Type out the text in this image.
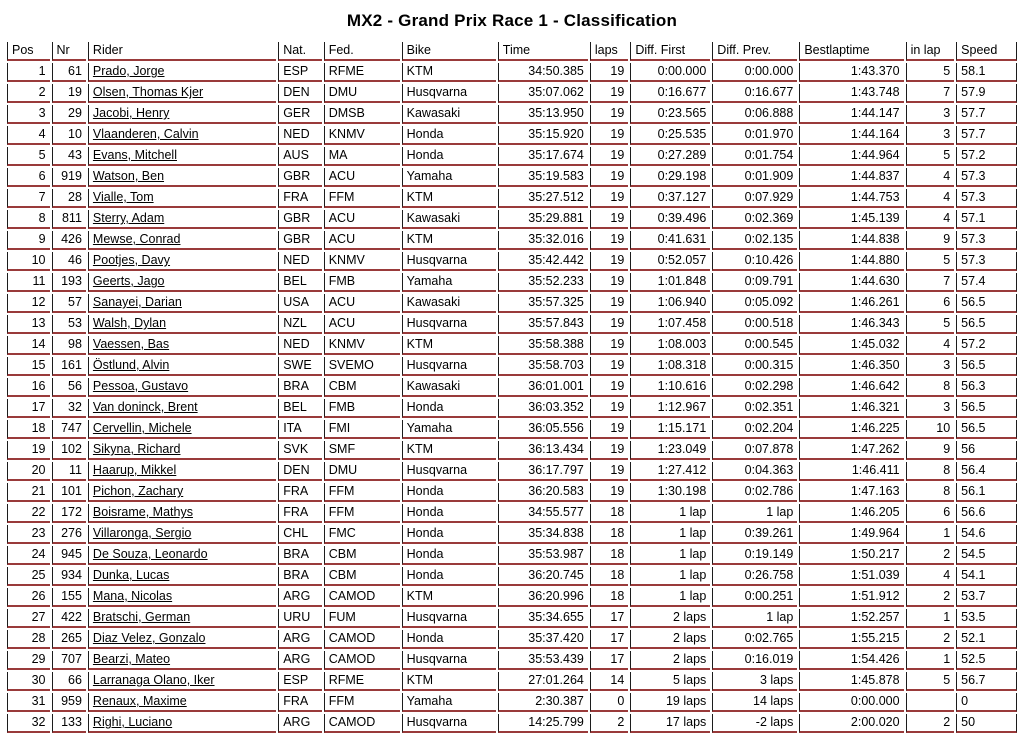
MX2 - Grand Prix Race 1 - Classification
Pos	Nr	Rider	Nat.	Fed.	Bike	Time	laps	Diff. First	Diff. Prev.	Bestlaptime	in lap	Speed
1	61	Prado, Jorge	ESP	RFME	KTM	34:50.385	19	0:00.000	0:00.000	1:43.370	5	58.1
2	19	Olsen, Thomas Kjer	DEN	DMU	Husqvarna	35:07.062	19	0:16.677	0:16.677	1:43.748	7	57.9
3	29	Jacobi, Henry	GER	DMSB	Kawasaki	35:13.950	19	0:23.565	0:06.888	1:44.147	3	57.7
4	10	Vlaanderen, Calvin	NED	KNMV	Honda	35:15.920	19	0:25.535	0:01.970	1:44.164	3	57.7
5	43	Evans, Mitchell	AUS	MA	Honda	35:17.674	19	0:27.289	0:01.754	1:44.964	5	57.2
6	919	Watson, Ben	GBR	ACU	Yamaha	35:19.583	19	0:29.198	0:01.909	1:44.837	4	57.3
7	28	Vialle, Tom	FRA	FFM	KTM	35:27.512	19	0:37.127	0:07.929	1:44.753	4	57.3
8	811	Sterry, Adam	GBR	ACU	Kawasaki	35:29.881	19	0:39.496	0:02.369	1:45.139	4	57.1
9	426	Mewse, Conrad	GBR	ACU	KTM	35:32.016	19	0:41.631	0:02.135	1:44.838	9	57.3
10	46	Pootjes, Davy	NED	KNMV	Husqvarna	35:42.442	19	0:52.057	0:10.426	1:44.880	5	57.3
11	193	Geerts, Jago	BEL	FMB	Yamaha	35:52.233	19	1:01.848	0:09.791	1:44.630	7	57.4
12	57	Sanayei, Darian	USA	ACU	Kawasaki	35:57.325	19	1:06.940	0:05.092	1:46.261	6	56.5
13	53	Walsh, Dylan	NZL	ACU	Husqvarna	35:57.843	19	1:07.458	0:00.518	1:46.343	5	56.5
14	98	Vaessen, Bas	NED	KNMV	KTM	35:58.388	19	1:08.003	0:00.545	1:45.032	4	57.2
15	161	Östlund, Alvin	SWE	SVEMO	Husqvarna	35:58.703	19	1:08.318	0:00.315	1:46.350	3	56.5
16	56	Pessoa, Gustavo	BRA	CBM	Kawasaki	36:01.001	19	1:10.616	0:02.298	1:46.642	8	56.3
17	32	Van doninck, Brent	BEL	FMB	Honda	36:03.352	19	1:12.967	0:02.351	1:46.321	3	56.5
18	747	Cervellin, Michele	ITA	FMI	Yamaha	36:05.556	19	1:15.171	0:02.204	1:46.225	10	56.5
19	102	Sikyna, Richard	SVK	SMF	KTM	36:13.434	19	1:23.049	0:07.878	1:47.262	9	56
20	11	Haarup, Mikkel	DEN	DMU	Husqvarna	36:17.797	19	1:27.412	0:04.363	1:46.411	8	56.4
21	101	Pichon, Zachary	FRA	FFM	Honda	36:20.583	19	1:30.198	0:02.786	1:47.163	8	56.1
22	172	Boisrame, Mathys	FRA	FFM	Honda	34:55.577	18	1 lap	1 lap	1:46.205	6	56.6
23	276	Villaronga, Sergio	CHL	FMC	Honda	35:34.838	18	1 lap	0:39.261	1:49.964	1	54.6
24	945	De Souza, Leonardo	BRA	CBM	Honda	35:53.987	18	1 lap	0:19.149	1:50.217	2	54.5
25	934	Dunka, Lucas	BRA	CBM	Honda	36:20.745	18	1 lap	0:26.758	1:51.039	4	54.1
26	155	Mana, Nicolas	ARG	CAMOD	KTM	36:20.996	18	1 lap	0:00.251	1:51.912	2	53.7
27	422	Bratschi, German	URU	FUM	Husqvarna	35:34.655	17	2 laps	1 lap	1:52.257	1	53.5
28	265	Diaz Velez, Gonzalo	ARG	CAMOD	Honda	35:37.420	17	2 laps	0:02.765	1:55.215	2	52.1
29	707	Bearzi, Mateo	ARG	CAMOD	Husqvarna	35:53.439	17	2 laps	0:16.019	1:54.426	1	52.5
30	66	Larranaga Olano, Iker	ESP	RFME	KTM	27:01.264	14	5 laps	3 laps	1:45.878	5	56.7
31	959	Renaux, Maxime	FRA	FFM	Yamaha	2:30.387	0	19 laps	14 laps	0:00.000		0
32	133	Righi, Luciano	ARG	CAMOD	Husqvarna	14:25.799	2	17 laps	-2 laps	2:00.020	2	50
